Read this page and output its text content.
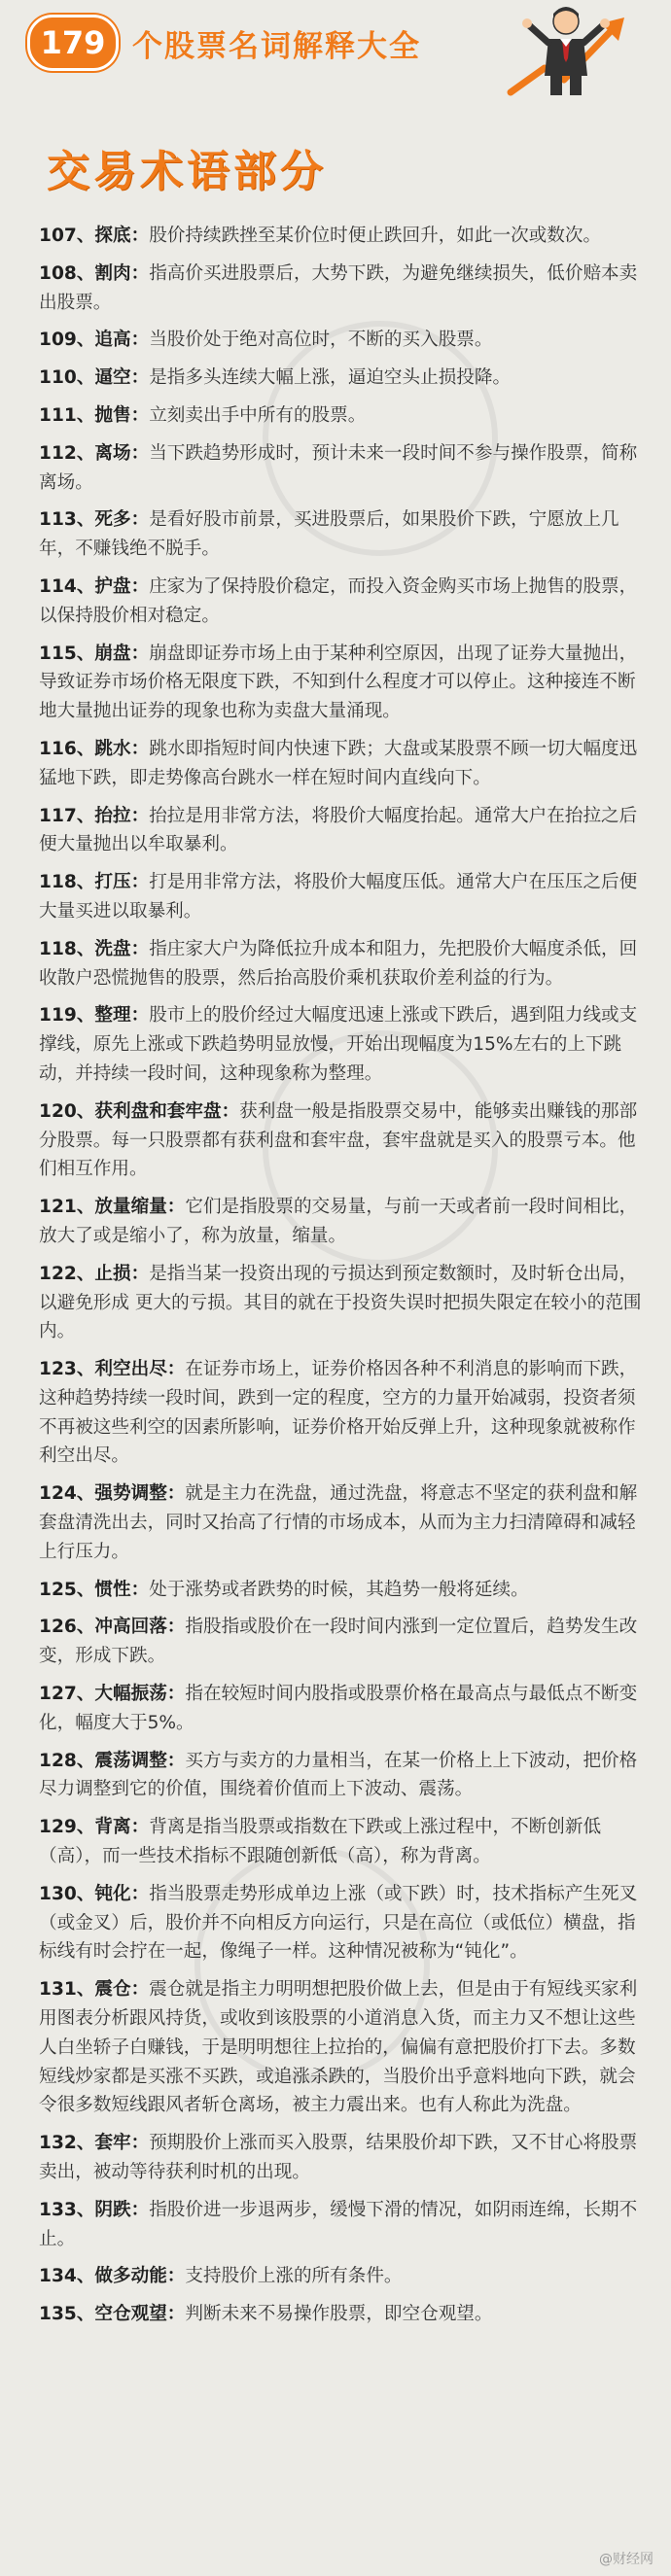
179 个股票名词解释大全
交易术语部分
107、探底：股价持续跌挫至某价位时便止跌回升，如此一次或数次。
108、割肉：指高价买进股票后，大势下跌，为避免继续损失，低价赔本卖出股票。
109、追高：当股价处于绝对高位时，不断的买入股票。
110、逼空：是指多头连续大幅上涨，逼迫空头止损投降。
111、抛售：立刻卖出手中所有的股票。
112、离场：当下跌趋势形成时，预计未来一段时间不参与操作股票，简称离场。
113、死多：是看好股市前景，买进股票后，如果股价下跌，宁愿放上几年，不赚钱绝不脱手。
114、护盘：庄家为了保持股价稳定，而投入资金购买市场上抛售的股票，以保持股价相对稳定。
115、崩盘：崩盘即证券市场上由于某种利空原因，出现了证券大量抛出，导致证券市场价格无限度下跌，不知到什么程度才可以停止。这种接连不断地大量抛出证券的现象也称为卖盘大量涌现。
116、跳水：跳水即指短时间内快速下跌；大盘或某股票不顾一切大幅度迅猛地下跌，即走势像高台跳水一样在短时间内直线向下。
117、抬拉：抬拉是用非常方法，将股价大幅度抬起。通常大户在抬拉之后便大量抛出以牟取暴利。
118、打压：打是用非常方法，将股价大幅度压低。通常大户在压压之后便大量买进以取暴利。
118、洗盘：指庄家大户为降低拉升成本和阻力，先把股价大幅度杀低，回收散户恐慌抛售的股票，然后抬高股价乘机获取价差利益的行为。
119、整理：股市上的股价经过大幅度迅速上涨或下跌后，遇到阻力线或支撑线，原先上涨或下跌趋势明显放慢，开始出现幅度为15%左右的上下跳动，并持续一段时间，这种现象称为整理。
120、获利盘和套牢盘：获利盘一般是指股票交易中，能够卖出赚钱的那部分股票。每一只股票都有获利盘和套牢盘，套牢盘就是买入的股票亏本。他们相互作用。
121、放量缩量：它们是指股票的交易量，与前一天或者前一段时间相比，放大了或是缩小了，称为放量，缩量。
122、止损：是指当某一投资出现的亏损达到预定数额时，及时斩仓出局，以避免形成 更大的亏损。其目的就在于投资失误时把损失限定在较小的范围内。
123、利空出尽：在证券市场上，证券价格因各种不利消息的影响而下跌，这种趋势持续一段时间，跌到一定的程度，空方的力量开始减弱，投资者须不再被这些利空的因素所影响，证券价格开始反弹上升，这种现象就被称作利空出尽。
124、强势调整：就是主力在洗盘，通过洗盘，将意志不坚定的获利盘和解套盘清洗出去，同时又抬高了行情的市场成本，从而为主力扫清障碍和减轻上行压力。
125、惯性：处于涨势或者跌势的时候，其趋势一般将延续。
126、冲高回落：指股指或股价在一段时间内涨到一定位置后，趋势发生改变，形成下跌。
127、大幅振荡：指在较短时间内股指或股票价格在最高点与最低点不断变化，幅度大于5%。
128、震荡调整：买方与卖方的力量相当，在某一价格上上下波动，把价格尽力调整到它的价值，围绕着价值而上下波动、震荡。
129、背离：背离是指当股票或指数在下跌或上涨过程中，不断创新低（高），而一些技术指标不跟随创新低（高），称为背离。
130、钝化：指当股票走势形成单边上涨（或下跌）时，技术指标产生死叉（或金叉）后，股价并不向相反方向运行，只是在高位（或低位）横盘，指标线有时会拧在一起，像绳子一样。这种情况被称为“钝化”。
131、震仓：震仓就是指主力明明想把股价做上去，但是由于有短线买家利用图表分析跟风持货，或收到该股票的小道消息入货，而主力又不想让这些人白坐轿子白赚钱，于是明明想往上拉抬的，偏偏有意把股价打下去。多数短线炒家都是买涨不买跌，或追涨杀跌的，当股价出乎意料地向下跌，就会令很多数短线跟风者斩仓离场，被主力震出来。也有人称此为洗盘。
132、套牢：预期股价上涨而买入股票，结果股价却下跌，又不甘心将股票卖出，被动等待获利时机的出现。
133、阴跌：指股价进一步退两步，缓慢下滑的情况，如阴雨连绵，长期不止。
134、做多动能：支持股价上涨的所有条件。
135、空仓观望：判断未来不易操作股票，即空仓观望。
@财经网
